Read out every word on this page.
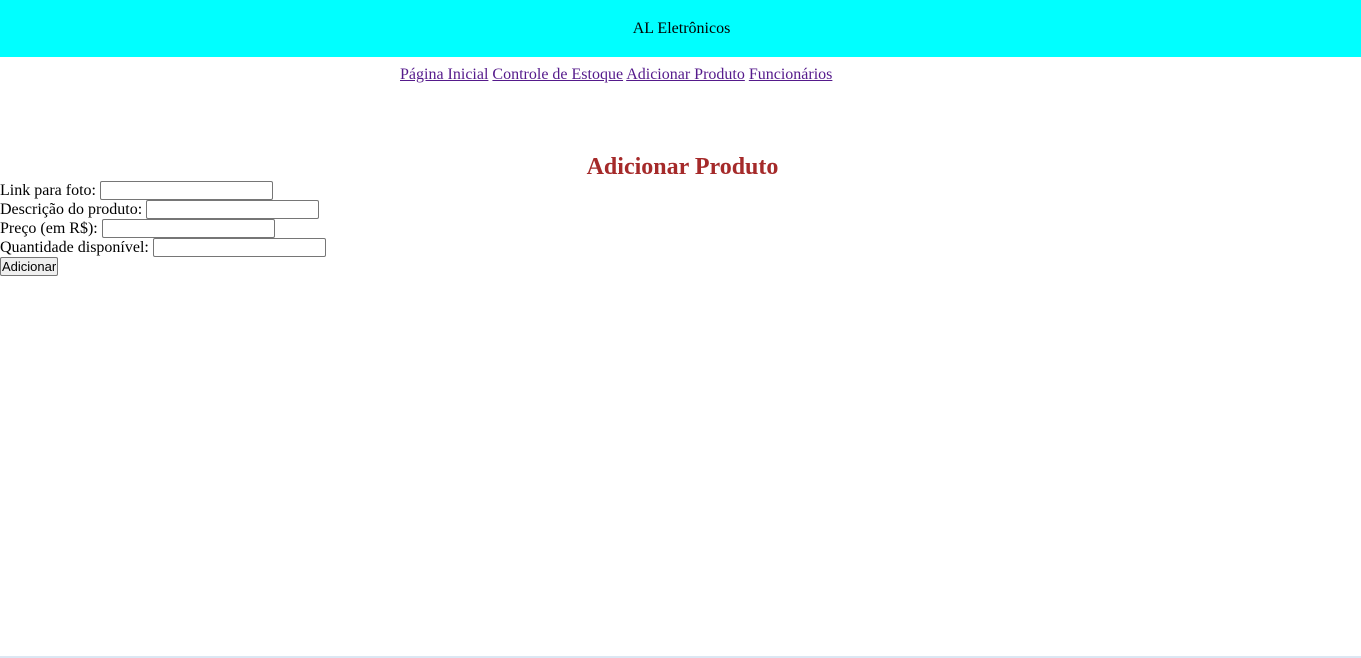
AL Eletrônicos
Página Inicial Controle de Estoque Adicionar Produto Funcionários
Adicionar Produto
Link para foto:
Descrição do produto:
Preço (em R$):
Quantidade disponível:
Adicionar
